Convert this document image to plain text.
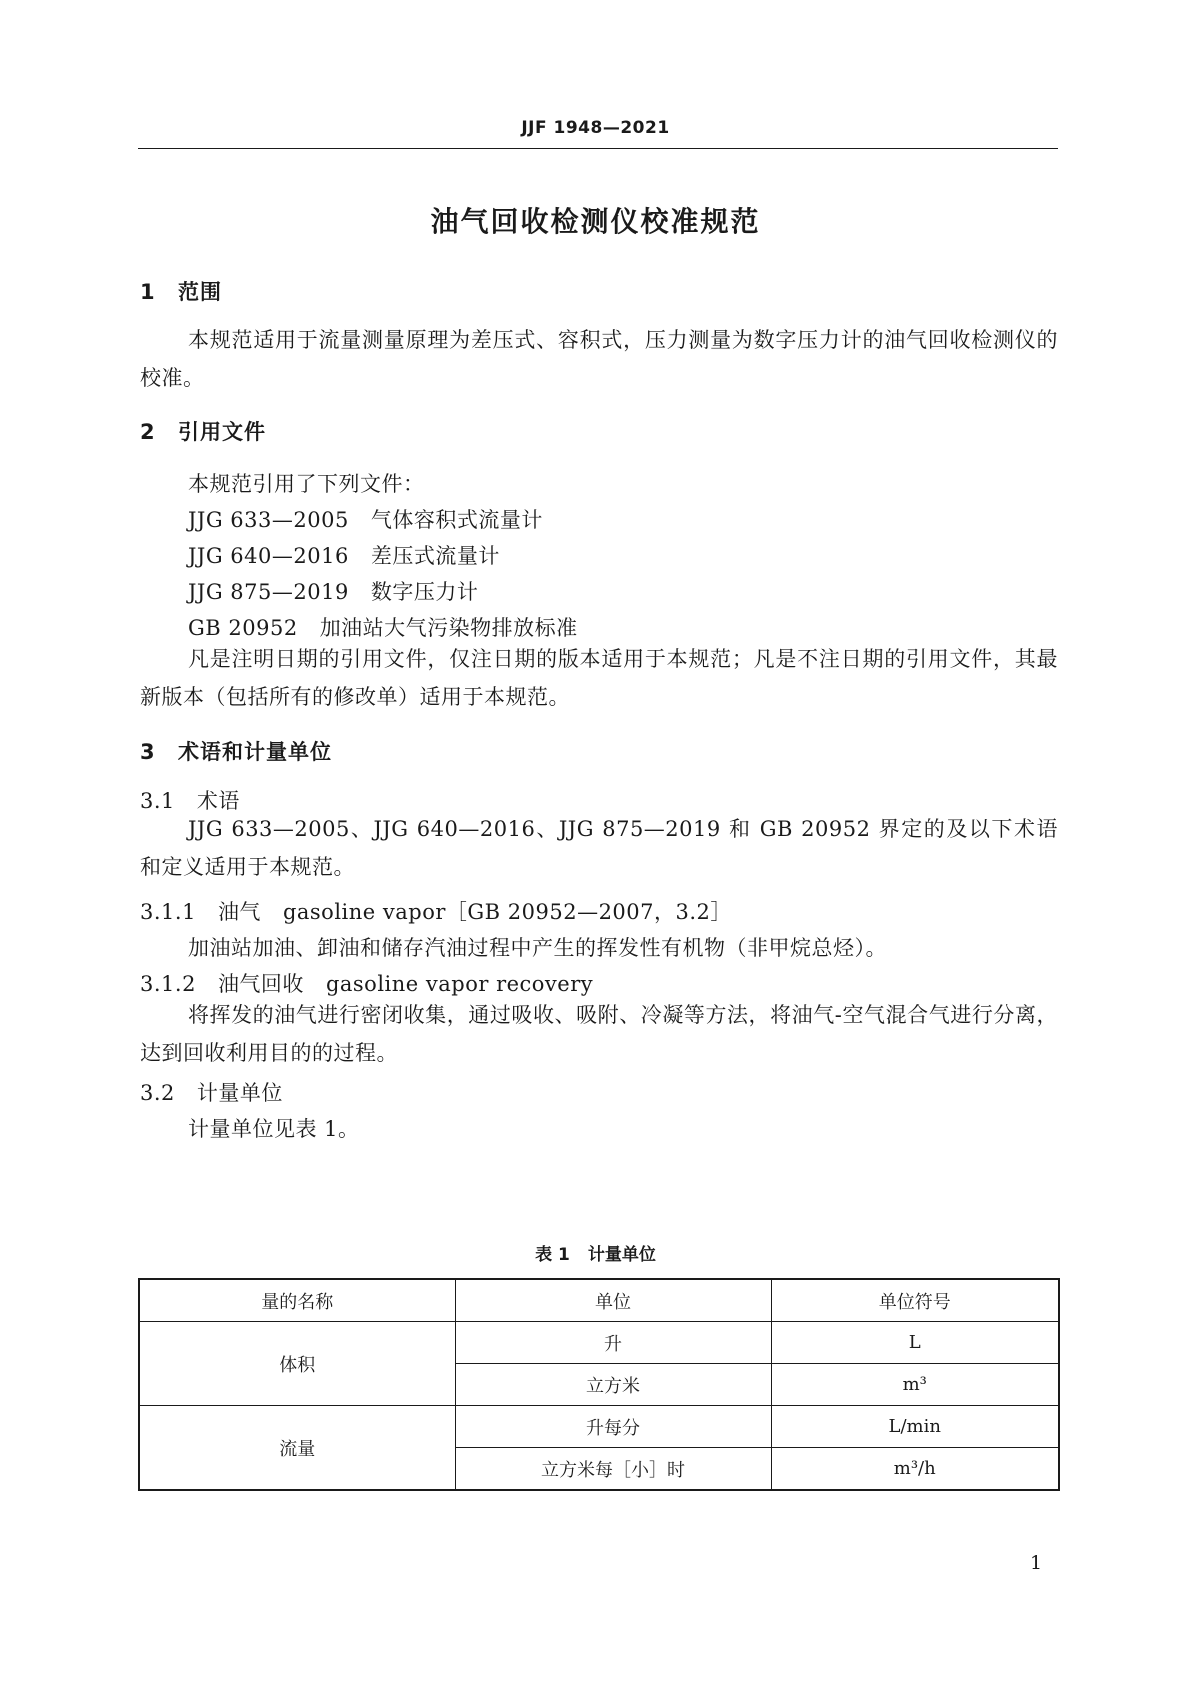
JJF 1948—2021
油气回收检测仪校准规范
1 范围

本规范适用于流量测量原理为差压式、容积式，压力测量为数字压力计的油气回收检测仪的校准。

2 引用文件
本规范引用了下列文件：
JJG 633—2005 气体容积式流量计
JJG 640—2016 差压式流量计
JJG 875—2019 数字压力计
GB 20952 加油站大气污染物排放标准

凡是注明日期的引用文件，仅注日期的版本适用于本规范；凡是不注日期的引用文件，其最新版本（包括所有的修改单）适用于本规范。

3 术语和计量单位
3.1 术语

JJG 633—2005、JJG 640—2016、JJG 875—2019 和 GB 20952 界定的及以下术语和定义适用于本规范。

3.1.1 油气 gasoline vapor［GB 20952—2007，3.2］
加油站加油、卸油和储存汽油过程中产生的挥发性有机物（非甲烷总烃）。
3.1.2 油气回收 gasoline vapor recovery

将挥发的油气进行密闭收集，通过吸收、吸附、冷凝等方法，将油气-空气混合气进行分离，达到回收利用目的的过程。

3.2 计量单位
计量单位见表 1。
表 1 计量单位
量的名称	单位	单位符号
体积	升	L
	立方米	m³
流量	升每分	L/min
	立方米每［小］时	m³/h
1
